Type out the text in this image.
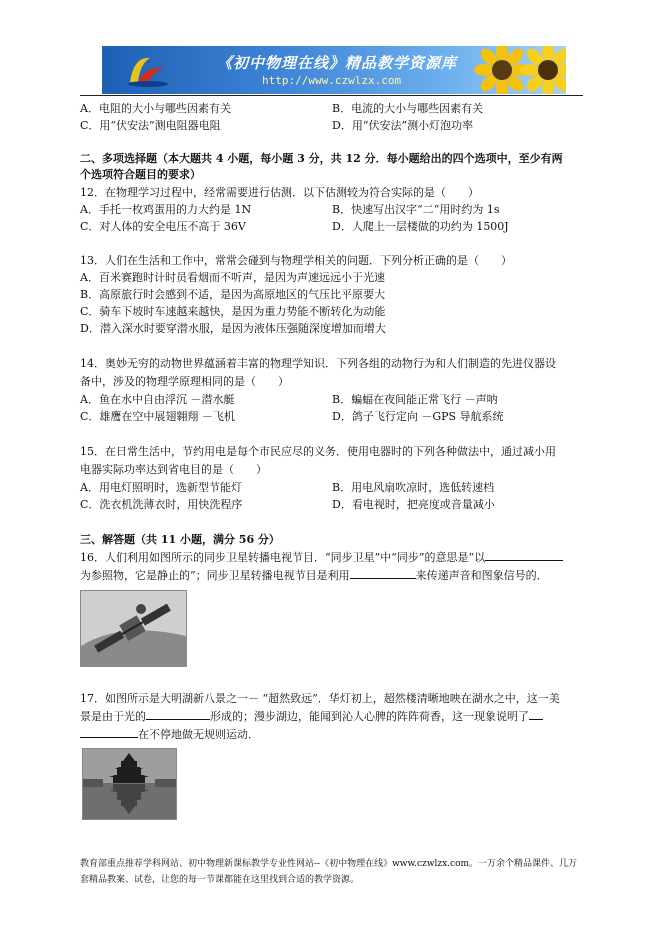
《初中物理在线》精品教学资源库
http://www.czwlzx.com
A．电阻的大小与哪些因素有关	B．电流的大小与哪些因素有关
C．用“伏安法”测电阻器电阻	D．用“伏安法”测小灯泡功率
二、多项选择题（本大题共 4 小题，每小题 3 分，共 12 分．每小题给出的四个选项中，至少有两
个选项符合题目的要求）
12．在物理学习过程中，经常需要进行估测．以下估测较为符合实际的是（　　）
A．手托一枚鸡蛋用的力大约是 1N	B．快速写出汉字“二”用时约为 1s
C．对人体的安全电压不高于 36V	D．人爬上一层楼做的功约为 1500J
13．人们在生活和工作中，常常会碰到与物理学相关的问题．下列分析正确的是（　　）
A．百米赛跑时计时员看烟而不听声，是因为声速远远小于光速
B．高原旅行时会感到不适，是因为高原地区的气压比平原要大
C．骑车下坡时车速越来越快，是因为重力势能不断转化为动能
D．潜入深水时要穿潜水服，是因为液体压强随深度增加而增大
14．奥妙无穷的动物世界蕴涵着丰富的物理学知识．下列各组的动物行为和人们制造的先进仪器设
备中，涉及的物理学原理相同的是（　　）
A．鱼在水中自由浮沉 －潜水艇	B．蝙蝠在夜间能正常飞行 －声呐
C．雄鹰在空中展翅翱翔 －飞机	D．鸽子飞行定向 －GPS 导航系统
15．在日常生活中，节约用电是每个市民应尽的义务．使用电器时的下列各种做法中，通过减小用
电器实际功率达到省电目的是（　　）
A．用电灯照明时，选新型节能灯	B．用电风扇吹凉时，选低转速档
C．洗衣机洗薄衣时，用快洗程序	D．看电视时，把亮度或音量减小
三、解答题（共 11 小题，满分 56 分）
16．人们利用如图所示的同步卫星转播电视节目．“同步卫星”中“同步”的意思是“以
为参照物，它是静止的”；同步卫星转播电视节目是利用	来传递声音和图象信号的．
17．如图所示是大明湖新八景之一－ “超然致远”．华灯初上，超然楼清晰地映在湖水之中，这一美
景是由于光的	形成的；漫步湖边，能闻到沁人心脾的阵阵荷香，这一现象说明了
在不停地做无规则运动．
教育部重点推荐学科网站、初中物理新课标教学专业性网站--《初中物理在线》www.czwlzx.com。一万余个精品课件、几万套精品教案、试卷，让您的每一节课都能在这里找到合适的教学资源。
